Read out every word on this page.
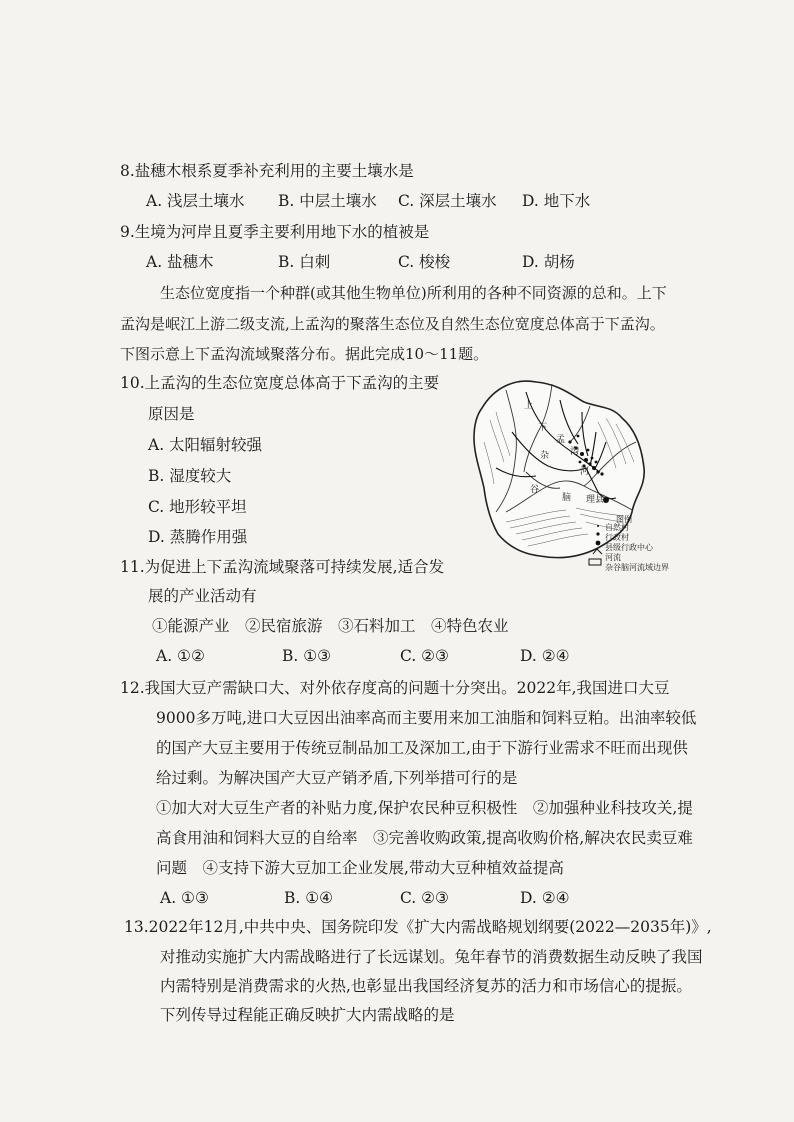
8.盐穗木根系夏季补充利用的主要土壤水是
A. 浅层土壤水 B. 中层土壤水 C. 深层土壤水 D. 地下水
9.生境为河岸且夏季主要利用地下水的植被是
A. 盐穗木	B. 白刺	C. 梭梭	D. 胡杨
生态位宽度指一个种群(或其他生物单位)所利用的各种不同资源的总和。上下
孟沟是岷江上游二级支流,上孟沟的聚落生态位及自然生态位宽度总体高于下孟沟。
下图示意上下孟沟流域聚落分布。据此完成10～11题。
10.上孟沟的生态位宽度总体高于下孟沟的主要
原因是
A. 太阳辐射较强
B. 湿度较大
C. 地形较平坦
D. 蒸腾作用强
上
下
孟
沟
杂
谷
脑
河
理县
图例
自然村
行政村
县级行政中心
河流
杂谷脑河流域边界
11.为促进上下孟沟流域聚落可持续发展,适合发
展的产业活动有
①能源产业　②民宿旅游　③石料加工　④特色农业
A. ①②	B. ①③	C. ②③	D. ②④
12.我国大豆产需缺口大、对外依存度高的问题十分突出。2022年,我国进口大豆
9000多万吨,进口大豆因出油率高而主要用来加工油脂和饲料豆粕。出油率较低
的国产大豆主要用于传统豆制品加工及深加工,由于下游行业需求不旺而出现供
给过剩。为解决国产大豆产销矛盾,下列举措可行的是
①加大对大豆生产者的补贴力度,保护农民种豆积极性　②加强种业科技攻关,提
高食用油和饲料大豆的自给率　③完善收购政策,提高收购价格,解决农民卖豆难
问题　④支持下游大豆加工企业发展,带动大豆种植效益提高
A. ①③	B. ①④	C. ②③	D. ②④
13.2022年12月,中共中央、国务院印发《扩大内需战略规划纲要(2022—2035年)》,
对推动实施扩大内需战略进行了长远谋划。兔年春节的消费数据生动反映了我国
内需特别是消费需求的火热,也彰显出我国经济复苏的活力和市场信心的提振。
下列传导过程能正确反映扩大内需战略的是
